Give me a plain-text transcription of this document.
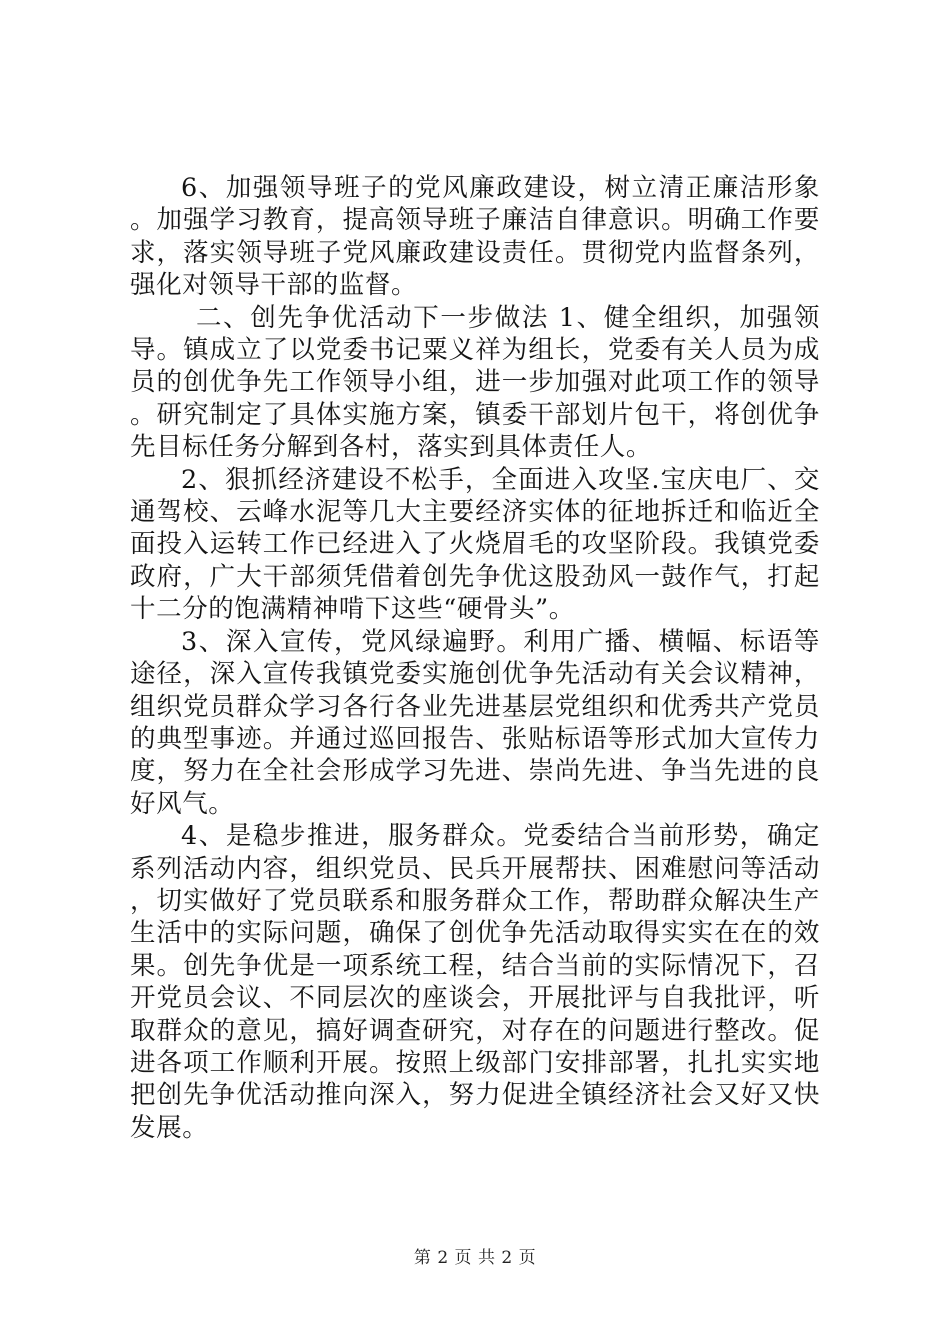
6、加强领导班子的党风廉政建设，树立清正廉洁形象。加强学习教育，提高领导班子廉洁自律意识。明确工作要求，落实领导班子党风廉政建设责任。贯彻党内监督条列，强化对领导干部的监督。

二、创先争优活动下一步做法 1、健全组织，加强领导。镇成立了以党委书记粟义祥为组长，党委有关人员为成员的创优争先工作领导小组，进一步加强对此项工作的领导。研究制定了具体实施方案，镇委干部划片包干，将创优争先目标任务分解到各村，落实到具体责任人。

2、狠抓经济建设不松手，全面进入攻坚.宝庆电厂、交通驾校、云峰水泥等几大主要经济实体的征地拆迁和临近全面投入运转工作已经进入了火烧眉毛的攻坚阶段。我镇党委政府，广大干部须凭借着创先争优这股劲风一鼓作气，打起十二分的饱满精神啃下这些“硬骨头”。

3、深入宣传，党风绿遍野。利用广播、横幅、标语等途径，深入宣传我镇党委实施创优争先活动有关会议精神，组织党员群众学习各行各业先进基层党组织和优秀共产党员的典型事迹。并通过巡回报告、张贴标语等形式加大宣传力度，努力在全社会形成学习先进、崇尚先进、争当先进的良好风气。

4、是稳步推进，服务群众。党委结合当前形势，确定系列活动内容，组织党员、民兵开展帮扶、困难慰问等活动，切实做好了党员联系和服务群众工作，帮助群众解决生产生活中的实际问题，确保了创优争先活动取得实实在在的效果。创先争优是一项系统工程，结合当前的实际情况下，召开党员会议、不同层次的座谈会，开展批评与自我批评，听取群众的意见，搞好调查研究，对存在的问题进行整改。促进各项工作顺利开展。按照上级部门安排部署，扎扎实实地把创先争优活动推向深入，努力促进全镇经济社会又好又快发展。

第 2 页 共 2 页
